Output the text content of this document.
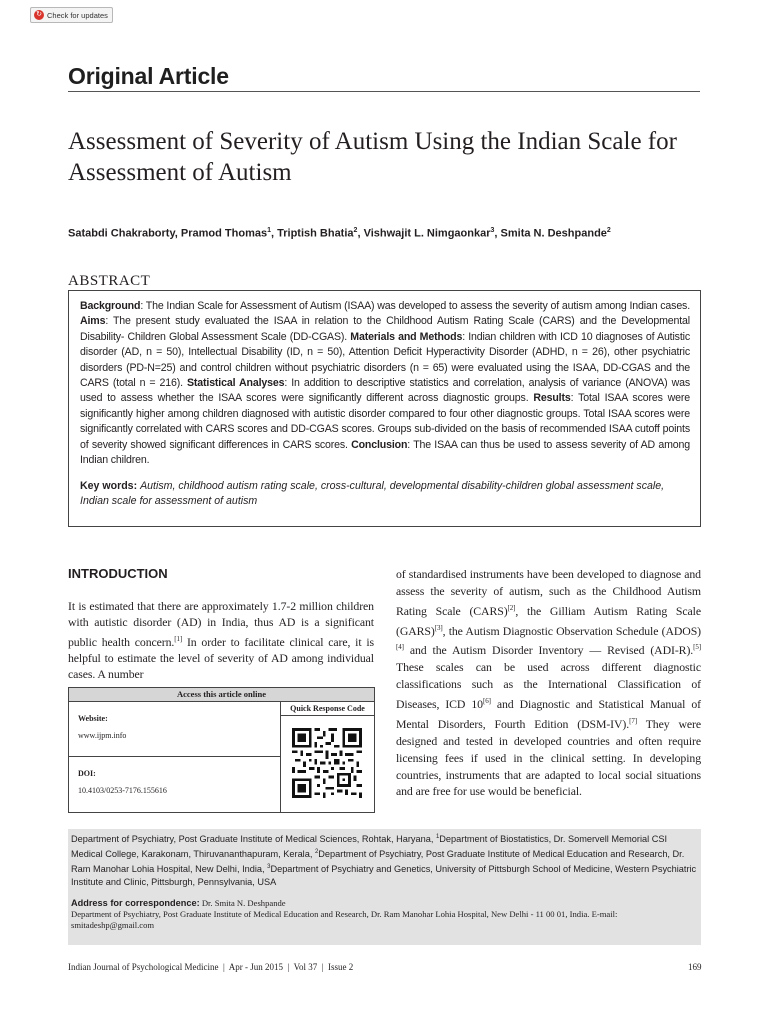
↻ Check for updates
Original Article
Assessment of Severity of Autism Using the Indian Scale for Assessment of Autism
Satabdi Chakraborty, Pramod Thomas$^1$, Triptish Bhatia$^2$, Vishwajit L. Nimgaonkar$^3$, Smita N. Deshpande$^2$
ABSTRACT

Background: The Indian Scale for Assessment of Autism (ISAA) was developed to assess the severity of autism among Indian cases. Aims: The present study evaluated the ISAA in relation to the Childhood Autism Rating Scale (CARS) and the Developmental Disability- Children Global Assessment Scale (DD-CGAS). Materials and Methods: Indian children with ICD 10 diagnoses of Autistic disorder (AD, n = 50), Intellectual Disability (ID, n = 50), Attention Deficit Hyperactivity Disorder (ADHD, n = 26), other psychiatric disorders (PD-N=25) and control children without psychiatric disorders (n = 65) were evaluated using the ISAA, DD-CGAS and the CARS (total n = 216). Statistical Analyses: In addition to descriptive statistics and correlation, analysis of variance (ANOVA) was used to assess whether the ISAA scores were significantly different across diagnostic groups. Results: Total ISAA scores were significantly higher among children diagnosed with autistic disorder compared to four other diagnostic groups. Total ISAA scores were significantly correlated with CARS scores and DD-CGAS scores. Groups sub-divided on the basis of recommended ISAA cutoff points of severity showed significant differences in CARS scores. Conclusion: The ISAA can thus be used to assess severity of AD among Indian children.

Key words: Autism, childhood autism rating scale, cross-cultural, developmental disability-children global assessment scale, Indian scale for assessment of autism

INTRODUCTION

It is estimated that there are approximately 1.7-2 million children with autistic disorder (AD) in India, thus AD is a significant public health concern.[1] In order to facilitate clinical care, it is helpful to estimate the level of severity of AD among individual cases. A number

of standardised instruments have been developed to diagnose and assess the severity of autism, such as the Childhood Autism Rating Scale (CARS)[2], the Gilliam Autism Rating Scale (GARS)[3], the Autism Diagnostic Observation Schedule (ADOS)[4] and the Autism Disorder Inventory — Revised (ADI-R).[5] These scales can be used across different diagnostic classifications such as the International Classification of Diseases, ICD 10[6] and Diagnostic and Statistical Manual of Mental Disorders, Fourth Edition (DSM-IV).[7] They were designed and tested in developed countries and often require licensing fees if used in the clinical setting. In developing countries, instruments that are adapted to local social situations and are free for use would be beneficial.

Access this article online
Website:
www.ijpm.info
DOI:
10.4103/0253-7176.155616
Quick Response Code

Department of Psychiatry, Post Graduate Institute of Medical Sciences, Rohtak, Haryana, $^1$Department of Biostatistics, Dr. Somervell Memorial CSI Medical College, Karakonam, Thiruvananthapuram, Kerala, $^2$Department of Psychiatry, Post Graduate Institute of Medical Education and Research, Dr. Ram Manohar Lohia Hospital, New Delhi, India, $^3$Department of Psychiatry and Genetics, University of Pittsburgh School of Medicine, Western Psychiatric Institute and Clinic, Pittsburgh, Pennsylvania, USA

Address for correspondence: Dr. Smita N. Deshpande
Department of Psychiatry, Post Graduate Institute of Medical Education and Research, Dr. Ram Manohar Lohia Hospital, New Delhi - 11 00 01, India. E-mail: smitadeshp@gmail.com

Indian Journal of Psychological Medicine  |  Apr - Jun 2015  |  Vol 37  |  Issue 2	169
